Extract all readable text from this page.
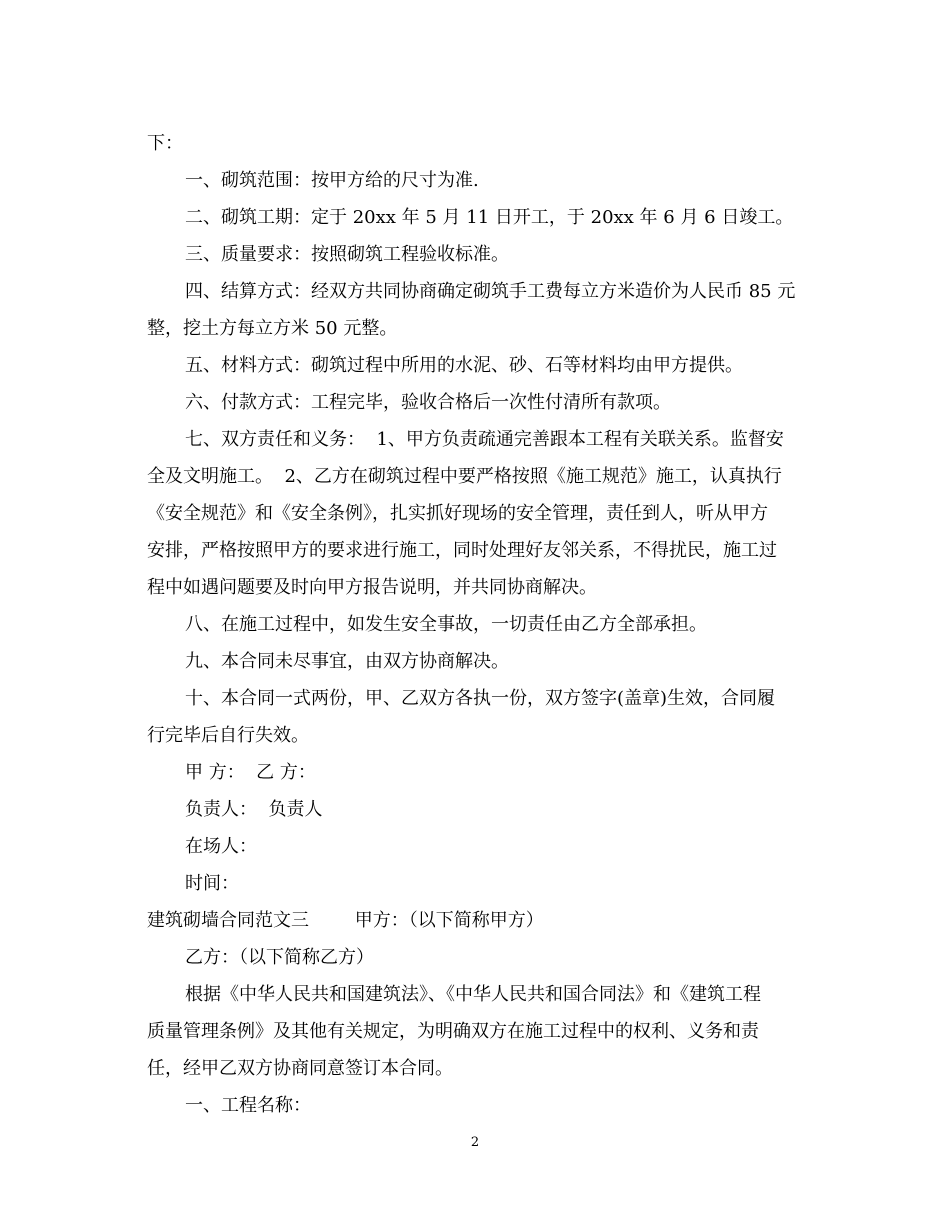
下：

一、砌筑范围：按甲方给的尺寸为准.

二、砌筑工期：定于 20xx 年 5 月 11 日开工，于 20xx 年 6 月 6 日竣工。

三、质量要求：按照砌筑工程验收标准。

四、结算方式：经双方共同协商确定砌筑手工费每立方米造价为人民币 85 元

整，挖土方每立方米 50 元整。

五、材料方式：砌筑过程中所用的水泥、砂、石等材料均由甲方提供。

六、付款方式：工程完毕，验收合格后一次性付清所有款项。

七、双方责任和义务：  1、甲方负责疏通完善跟本工程有关联关系。监督安

全及文明施工。  2、乙方在砌筑过程中要严格按照《施工规范》施工，认真执行

《安全规范》和《安全条例》，扎实抓好现场的安全管理，责任到人，听从甲方

安排，严格按照甲方的要求进行施工，同时处理好友邻关系，不得扰民，施工过

程中如遇问题要及时向甲方报告说明，并共同协商解决。

八、在施工过程中，如发生安全事故，一切责任由乙方全部承担。

九、本合同未尽事宜，由双方协商解决。

十、本合同一式两份，甲、乙双方各执一份，双方签字(盖章)生效，合同履

行完毕后自行失效。

甲 方：  乙 方：

负责人：  负责人

在场人：

时间：

建筑砌墙合同范文三        甲方：（以下简称甲方）

乙方：（以下简称乙方）

根据《中华人民共和国建筑法》、《中华人民共和国合同法》和《建筑工程

质量管理条例》及其他有关规定，为明确双方在施工过程中的权利、义务和责

任，经甲乙双方协商同意签订本合同。

一、工程名称：

2
